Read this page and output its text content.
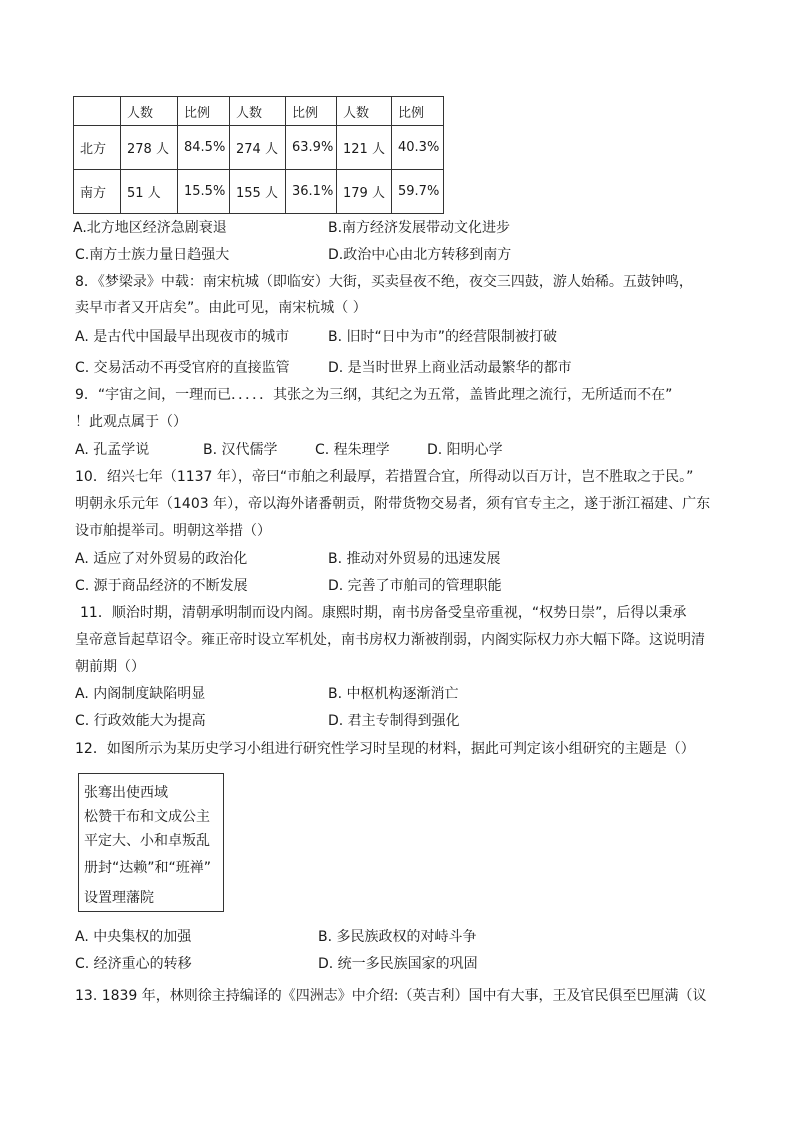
	人数	比例	人数	比例	人数	比例
北方	278 人	84.5%	274 人	63.9%	121 人	40.3%
南方	51 人	15.5%	155 人	36.1%	179 人	59.7%
A.北方地区经济急剧衰退	B.南方经济发展带动文化进步
C.南方士族力量日趋强大	D.政治中心由北方转移到南方
8．《梦梁录》中载：南宋杭城（即临安）大街，买卖昼夜不绝，夜交三四鼓，游人始稀。五鼓钟鸣，
卖早市者又开店矣”。由此可见，南宋杭城（ ）
A. 是古代中国最早出现夜市的城市	B. 旧时“日中为市”的经营限制被打破
C. 交易活动不再受官府的直接监管	D. 是当时世界上商业活动最繁华的都市
9．“宇宙之间，一理而已．．．．．其张之为三纲，其纪之为五常，盖皆此理之流行，无所适而不在”
！此观点属于（）
A. 孔孟学说	B. 汉代儒学	C. 程朱理学	D. 阳明心学
10．绍兴七年（1137 年），帝曰“市舶之利最厚，若措置合宜，所得动以百万计，岂不胜取之于民。”
明朝永乐元年（1403 年），帝以海外诸番朝贡，附带货物交易者，须有官专主之，遂于浙江福建、广东
设市舶提举司。明朝这举措（）
A. 适应了对外贸易的政治化	B. 推动对外贸易的迅速发展
C. 源于商品经济的不断发展	D. 完善了市舶司的管理职能
11．顺治时期，清朝承明制而设内阁。康熙时期，南书房备受皇帝重视，“权势日崇”，后得以秉承
皇帝意旨起草诏令。雍正帝时设立军机处，南书房权力渐被削弱，内阁实际权力亦大幅下降。这说明清
朝前期（）
A. 内阁制度缺陷明显	B. 中枢机构逐渐消亡
C. 行政效能大为提高	D. 君主专制得到强化
12．如图所示为某历史学习小组进行研究性学习时呈现的材料，据此可判定该小组研究的主题是（）
张骞出使西域
松赞干布和文成公主
平定大、小和卓叛乱
册封“达赖”和“班禅”
设置理藩院
A. 中央集权的加强	B. 多民族政权的对峙斗争
C. 经济重心的转移	D. 统一多民族国家的巩固
13. 1839 年，林则徐主持编译的《四洲志》中介绍:（英吉利）国中有大事，王及官民俱至巴厘满（议
